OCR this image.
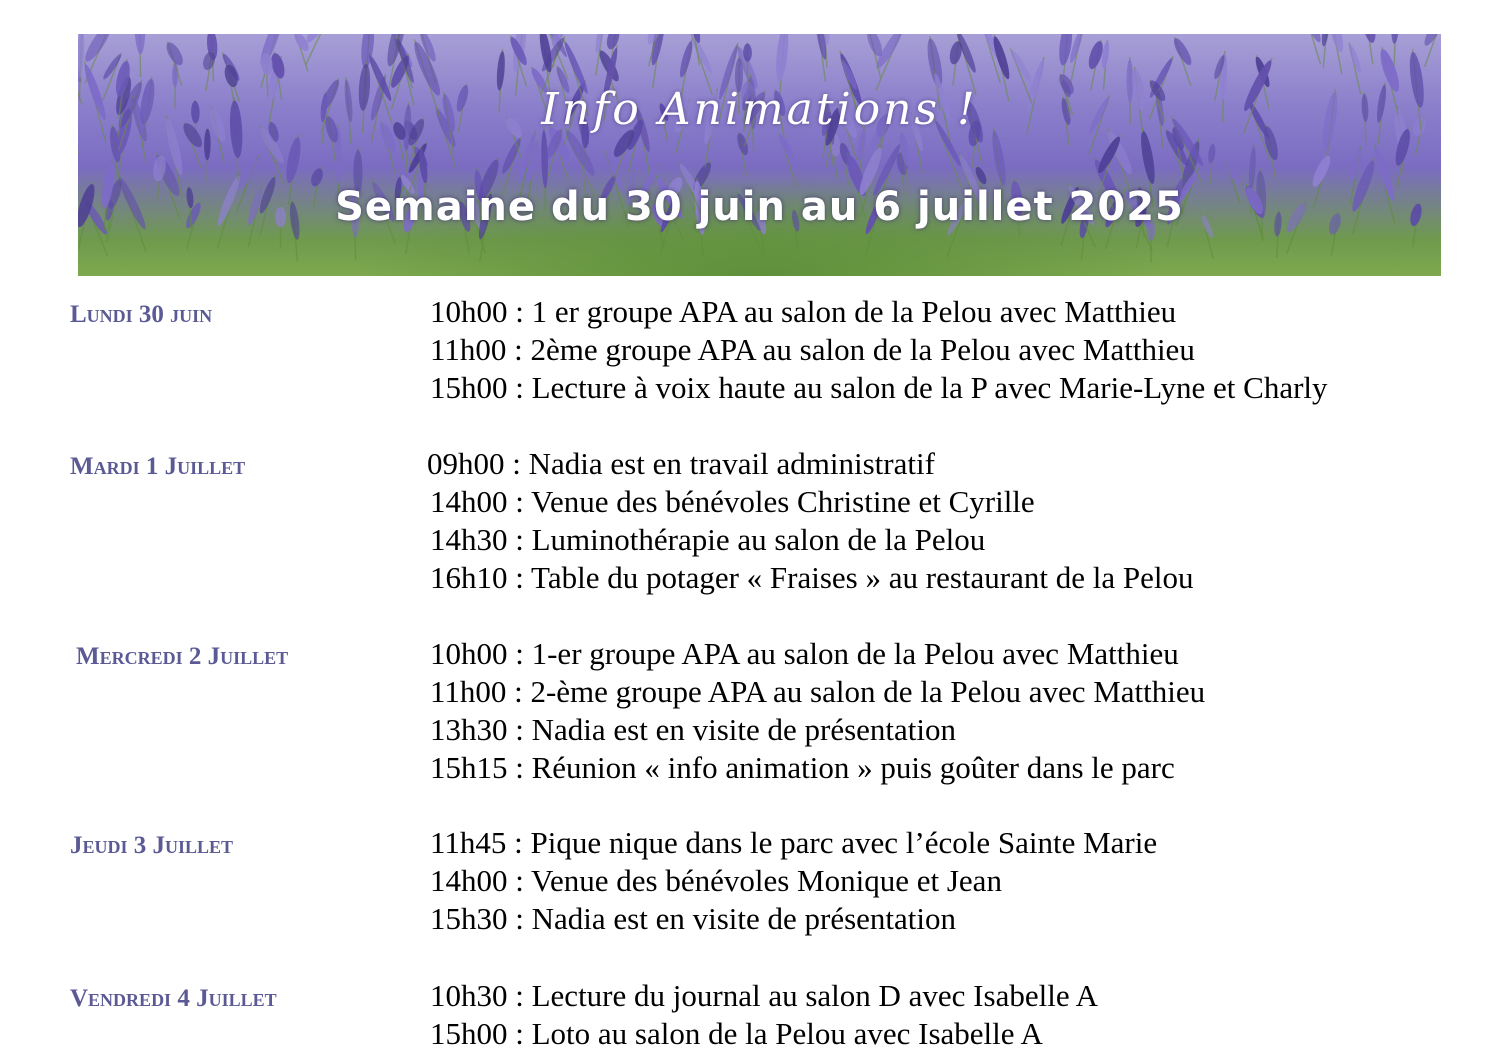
Info Animations !
Semaine du 30 juin au 6 juillet 2025
Lundi 30 juin	10h00 : 1 er groupe APA au salon de la Pelou avec Matthieu
11h00 : 2ème groupe APA au salon de la Pelou avec Matthieu
15h00 : Lecture à voix haute au salon de la P avec Marie-Lyne et Charly
Mardi 1 Juillet	09h00 : Nadia est en travail administratif
14h00 : Venue des bénévoles Christine et Cyrille
14h30 : Luminothérapie au salon de la Pelou
16h10 : Table du potager « Fraises » au restaurant de la Pelou
Mercredi 2 Juillet	10h00 : 1-er groupe APA au salon de la Pelou avec Matthieu
11h00 : 2-ème groupe APA au salon de la Pelou avec Matthieu
13h30 : Nadia est en visite de présentation
15h15 : Réunion « info animation » puis goûter dans le parc
Jeudi 3 Juillet	11h45 : Pique nique dans le parc avec l’école Sainte Marie
14h00 : Venue des bénévoles Monique et Jean
15h30 : Nadia est en visite de présentation
Vendredi 4 Juillet	10h30 : Lecture du journal au salon D avec Isabelle A
15h00 : Loto au salon de la Pelou avec Isabelle A
